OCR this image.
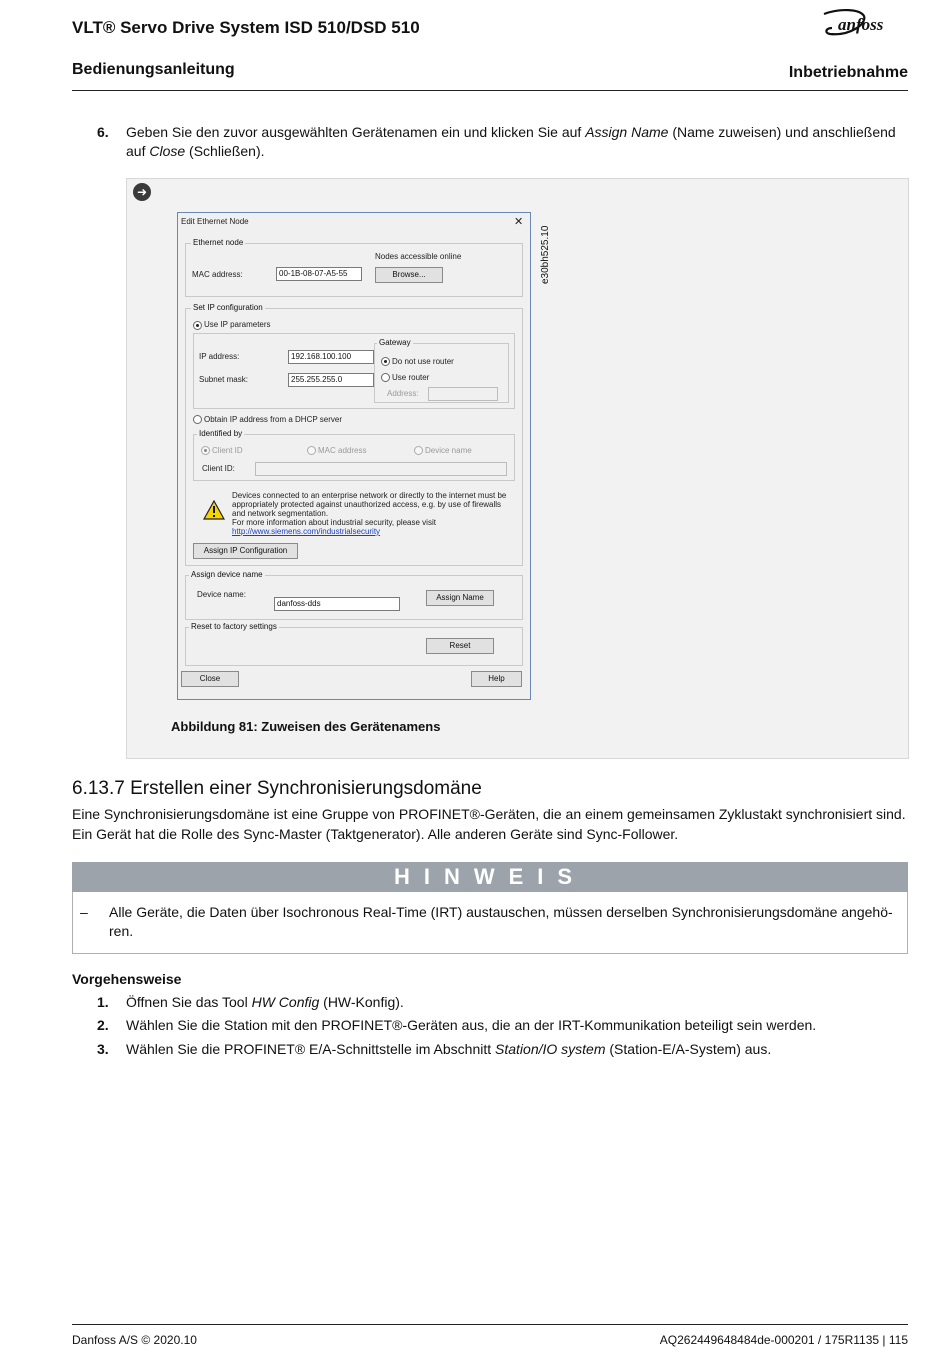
VLT® Servo Drive System ISD 510/DSD 510
Bedienungsanleitung	Inbetriebnahme
anfoss
6. Geben Sie den zuvor ausgewählten Gerätenamen ein und klicken Sie auf Assign Name (Name zuweisen) und anschließend auf Close (Schließen).
➜
e30bh525.10
Edit Ethernet Node	✕
Ethernet node
Nodes accessible online
MAC address:	00-1B-08-07-A5-55	Browse...
Set IP configuration
Use IP parameters
IP address:	192.168.100.100
Subnet mask:	255.255.255.0
Gateway
Do not use router
Use router
Address:
Obtain IP address from a DHCP server
Identified by
Client ID	MAC address	Device name
Client ID:
Devices connected to an enterprise network or directly to the internet must be
appropriately protected against unauthorized access, e.g. by use of firewalls
and network segmentation.
For more information about industrial security, please visit
http://www.siemens.com/industrialsecurity
Assign IP Configuration
Assign device name
Device name:
danfoss-dds
Assign Name
Reset to factory settings
Reset
Close	Help
Abbildung 81: Zuweisen des Gerätenamens
6.13.7 Erstellen einer Synchronisierungsdomäne
Eine Synchronisierungsdomäne ist eine Gruppe von PROFINET®-Geräten, die an einem gemeinsamen Zyklustakt synchronisiert sind. Ein Gerät hat die Rolle des Sync-Master (Taktgenerator). Alle anderen Geräte sind Sync-Follower.
HINWEIS
– Alle Geräte, die Daten über Isochronous Real-Time (IRT) austauschen, müssen derselben Synchronisierungsdomäne angehö-ren.
Vorgehensweise
1. Öffnen Sie das Tool HW Config (HW-Konfig).
2. Wählen Sie die Station mit den PROFINET®-Geräten aus, die an der IRT-Kommunikation beteiligt sein werden.
3. Wählen Sie die PROFINET® E/A-Schnittstelle im Abschnitt Station/IO system (Station-E/A-System) aus.
Danfoss A/S © 2020.10	AQ262449648484de-000201 / 175R1135 | 115
